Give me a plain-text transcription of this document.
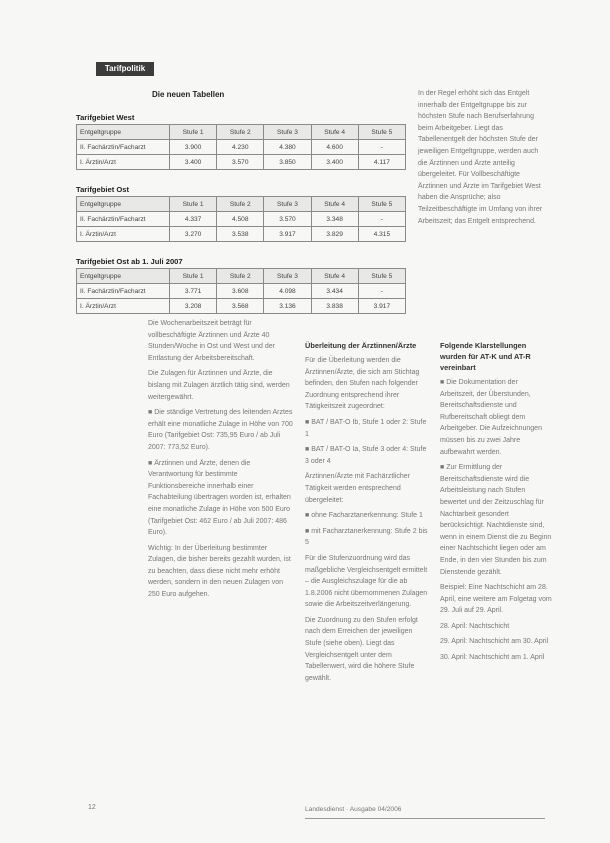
Tarifpolitik
Die neuen Tabellen
Tarifgebiet West
Entgeltgruppe	Stufe 1	Stufe 2	Stufe 3	Stufe 4	Stufe 5
II. Fachärztin/Facharzt	3.900	4.230	4.380	4.600	-
I. Ärztin/Arzt	3.400	3.570	3.850	3.400	4.117
Tarifgebiet Ost
Entgeltgruppe	Stufe 1	Stufe 2	Stufe 3	Stufe 4	Stufe 5
II. Fachärztin/Facharzt	4.337	4.508	3.570	3.348	-
I. Ärztin/Arzt	3.270	3.538	3.917	3.829	4.315
Tarifgebiet Ost ab 1. Juli 2007
Entgeltgruppe	Stufe 1	Stufe 2	Stufe 3	Stufe 4	Stufe 5
II. Fachärztin/Facharzt	3.771	3.608	4.098	3.434	-
I. Ärztin/Arzt	3.208	3.568	3.136	3.838	3.917

In der Regel erhöht sich das Entgelt innerhalb der Entgeltgruppe bis zur höchsten Stufe nach Berufserfahrung beim Arbeitgeber. Liegt das Tabellenentgelt der höchsten Stufe der jeweiligen Entgeltgruppe, werden auch die Ärztinnen und Ärzte anteilig übergeleitet. Für Vollbeschäftigte Ärztinnen und Ärzte im Tarifgebiet West haben die Ansprüche; also Teilzeitbeschäftigte im Umfang von ihrer Arbeitszeit; das Entgelt entsprechend.

Die Wochenarbeitszeit beträgt für vollbeschäftigte Ärztinnen und Ärzte 40 Stunden/Woche in Ost und West und der Entlastung der Arbeitsbereitschaft.

Die Zulagen für Ärztinnen und Ärzte, die bislang mit Zulagen ärztlich tätig sind, werden weitergewährt.

■ Die ständige Vertretung des leitenden Arztes erhält eine monatliche Zulage in Höhe von 700 Euro (Tarifgebiet Ost: 735,95 Euro / ab Juli 2007: 773,52 Euro).

■ Ärztinnen und Ärzte, denen die Verantwortung für bestimmte Funktionsbereiche innerhalb einer Fachabteilung übertragen worden ist, erhalten eine monatliche Zulage in Höhe von 500 Euro (Tarifgebiet Ost: 462 Euro / ab Juli 2007: 486 Euro).

Wichtig: In der Überleitung bestimmter Zulagen, die bisher bereits gezahlt wurden, ist zu beachten, dass diese nicht mehr erhöht werden, sondern in den neuen Zulagen von 250 Euro aufgehen.

Überleitung der Ärztinnen/Ärzte

Für die Überleitung werden die Ärztinnen/Ärzte, die sich am Stichtag befinden, den Stufen nach folgender Zuordnung entsprechend ihrer Tätigkeitszeit zugeordnet:

■ BAT / BAT-O Ib, Stufe 1 oder 2: Stufe 1

■ BAT / BAT-O Ia, Stufe 3 oder 4: Stufe 3 oder 4

Ärztinnen/Ärzte mit Fachärztlicher Tätigkeit werden entsprechend übergeleitet:

■ ohne Facharztanerkennung: Stufe 1

■ mit Facharztanerkennung: Stufe 2 bis 5

Für die Stufenzuordnung wird das maßgebliche Vergleichsentgelt ermittelt – die Ausgleichszulage für die ab 1.8.2006 nicht übernommenen Zulagen sowie die Arbeitszeitverlängerung.

Die Zuordnung zu den Stufen erfolgt nach dem Erreichen der jeweiligen Stufe (siehe oben). Liegt das Vergleichsentgelt unter dem Tabellenwert, wird die höhere Stufe gewählt.

Folgende Klarstellungen wurden für AT-K und AT-R vereinbart

■ Die Dokumentation der Arbeitszeit, der Überstunden, Bereitschaftsdienste und Rufbereitschaft obliegt dem Arbeitgeber. Die Aufzeichnungen müssen bis zu zwei Jahre aufbewahrt werden.

■ Zur Ermittlung der Bereitschaftsdienste wird die Arbeitsleistung nach Stufen bewertet und der Zeitzuschlag für Nachtarbeit gesondert berücksichtigt. Nachtdienste sind, wenn in einem Dienst die zu Beginn einer Nachtschicht liegen oder am Ende, in den vier Stunden bis zum Dienstende gezählt.

Beispiel: Eine Nachtschicht am 28. April, eine weitere am Folgetag vom 29. Juli auf 29. April.

28. April: Nachtschicht

29. April: Nachtschicht am 30. April

30. April: Nachtschicht am 1. April

12	Landesdienst · Ausgabe 04/2006
